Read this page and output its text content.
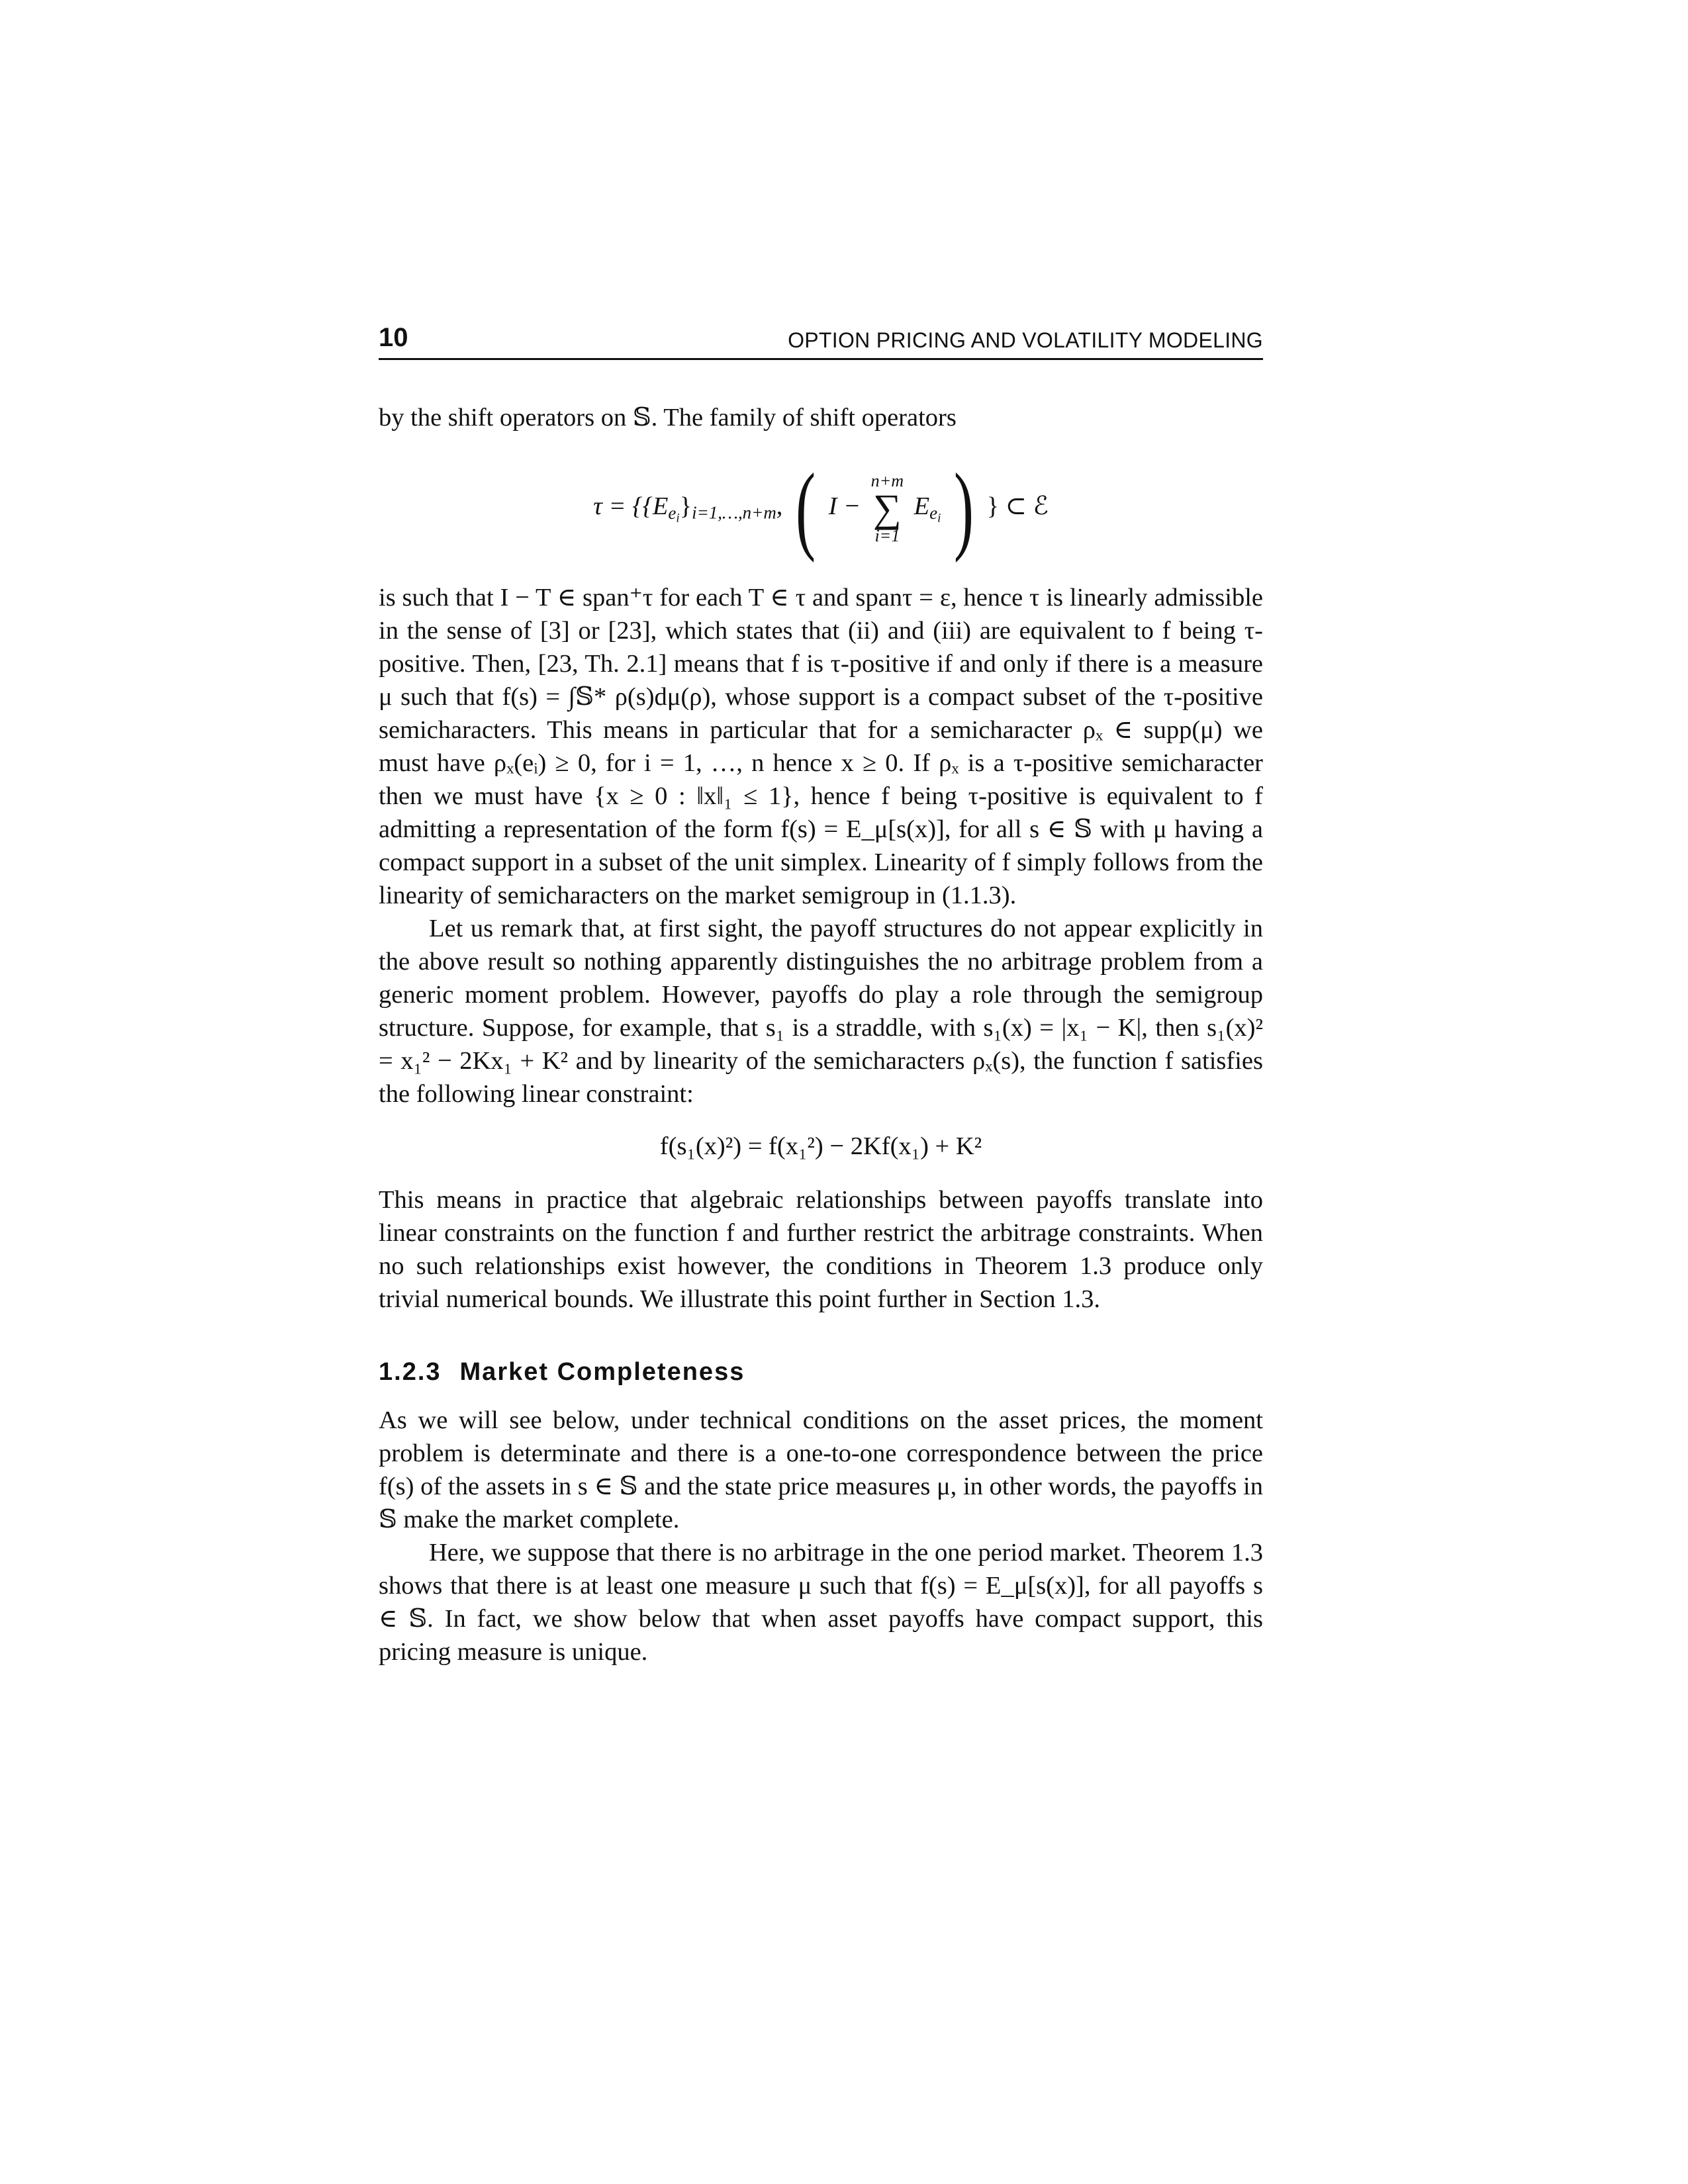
10	OPTION PRICING AND VOLATILITY MODELING

by the shift operators on 𝕊. The family of shift operators

$\tau = \{\{E_{e_i}\}_{i=1,\dots,n+m}$, ( I −
n+m
∑
i=1
$E_{e_i}$ ) } ⊂ ℰ

is such that I − T ∈ span⁺τ for each T ∈ τ and spanτ = ε, hence τ is linearly admissible in the sense of [3] or [23], which states that (ii) and (iii) are equivalent to f being τ-positive. Then, [23, Th. 2.1] means that f is τ-positive if and only if there is a measure μ such that f(s) = ∫𝕊* ρ(s)dμ(ρ), whose support is a compact subset of the τ-positive semicharacters. This means in particular that for a semicharacter ρₓ ∈ supp(μ) we must have ρₓ(eᵢ) ≥ 0, for i = 1, …, n hence x ≥ 0. If ρₓ is a τ-positive semicharacter then we must have {x ≥ 0 : ‖x‖₁ ≤ 1}, hence f being τ-positive is equivalent to f admitting a representation of the form f(s) = E_μ[s(x)], for all s ∈ 𝕊 with μ having a compact support in a subset of the unit simplex. Linearity of f simply follows from the linearity of semicharacters on the market semigroup in (1.1.3).

Let us remark that, at first sight, the payoff structures do not appear explicitly in the above result so nothing apparently distinguishes the no arbitrage problem from a generic moment problem. However, payoffs do play a role through the semigroup structure. Suppose, for example, that s₁ is a straddle, with s₁(x) = |x₁ − K|, then s₁(x)² = x₁² − 2Kx₁ + K² and by linearity of the semicharacters ρₓ(s), the function f satisfies the following linear constraint:

f(s₁(x)²) = f(x₁²) − 2Kf(x₁) + K²

This means in practice that algebraic relationships between payoffs translate into linear constraints on the function f and further restrict the arbitrage constraints. When no such relationships exist however, the conditions in Theorem 1.3 produce only trivial numerical bounds. We illustrate this point further in Section 1.3.

1.2.3 Market Completeness

As we will see below, under technical conditions on the asset prices, the moment problem is determinate and there is a one-to-one correspondence between the price f(s) of the assets in s ∈ 𝕊 and the state price measures μ, in other words, the payoffs in 𝕊 make the market complete.

Here, we suppose that there is no arbitrage in the one period market. Theorem 1.3 shows that there is at least one measure μ such that f(s) = E_μ[s(x)], for all payoffs s ∈ 𝕊. In fact, we show below that when asset payoffs have compact support, this pricing measure is unique.
